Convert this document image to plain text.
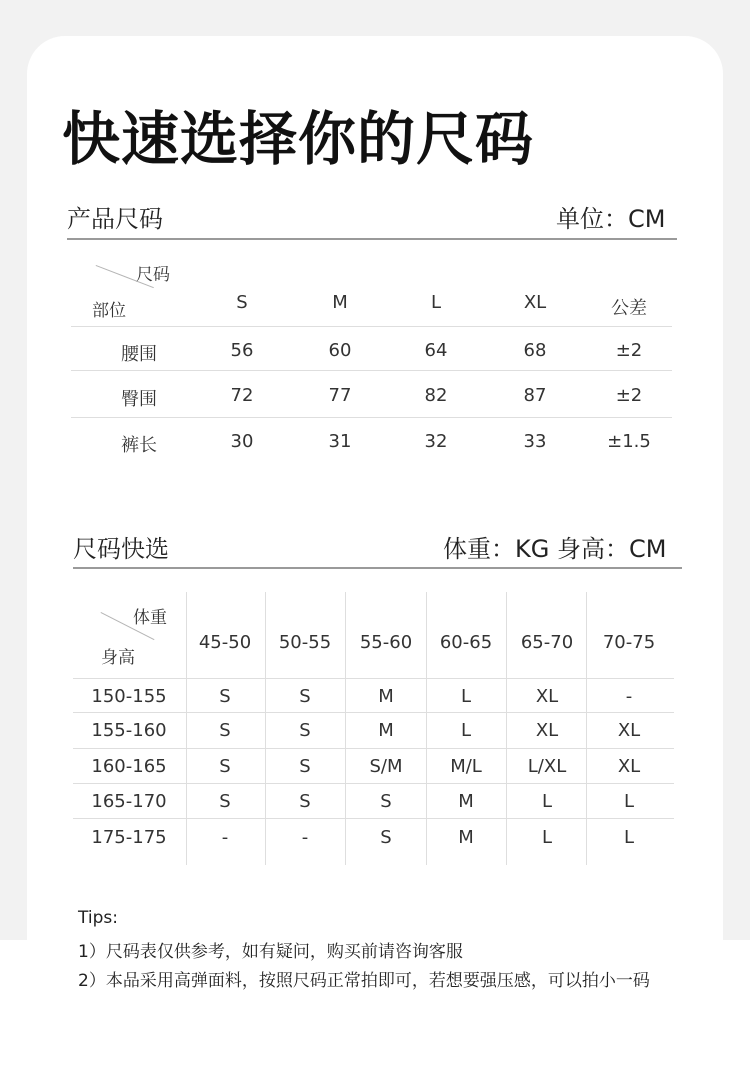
快速选择你的尺码
产品尺码	单位：CM
尺码
部位	S	M	L	XL	公差
腰围	56	60	64	68	±2
臀围	72	77	82	87	±2
裤长	30	31	32	33	±1.5
尺码快选	体重：KG 身高：CM
体重
身高
45-50 50-55 55-60 60-65 65-70 70-75
150-155	S	S	M	L	XL	-
155-160	S	S	M	L	XL	XL
160-165	S	S	S/M	M/L	L/XL	XL
165-170	S	S	S	M	L	L
175-175	-	-	S	M	L	L
Tips:
1）尺码表仅供参考，如有疑问，购买前请咨询客服
2）本品采用高弹面料，按照尺码正常拍即可，若想要强压感，可以拍小一码
